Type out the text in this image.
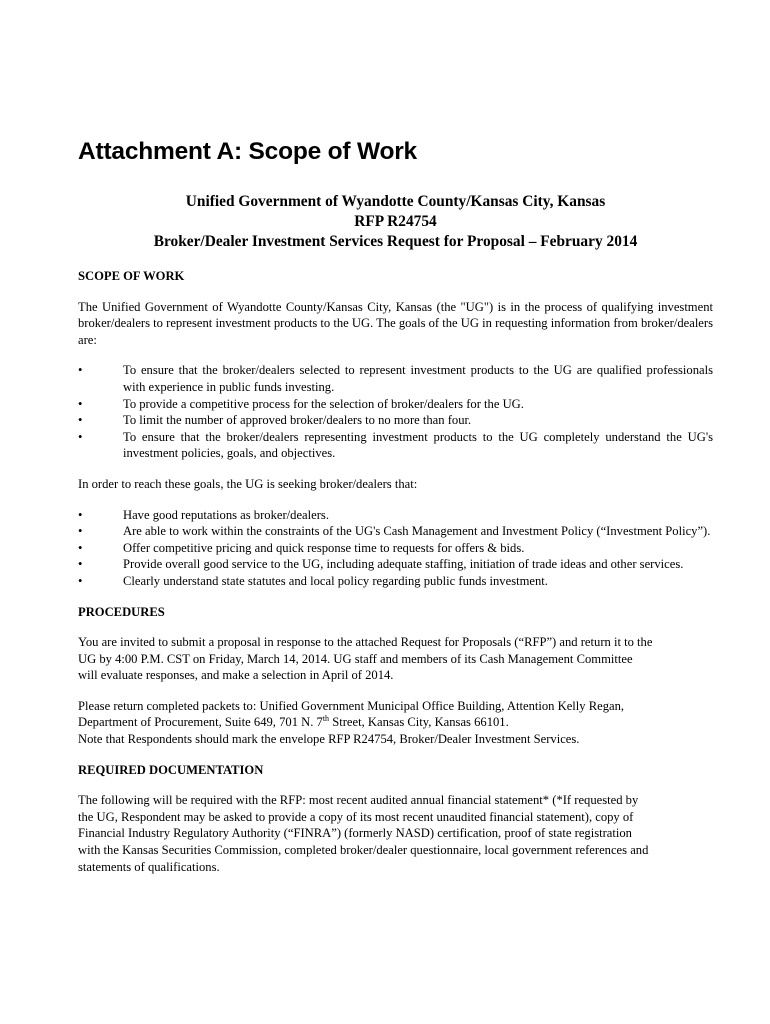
Attachment A: Scope of Work
Unified Government of Wyandotte County/Kansas City, Kansas
RFP R24754
Broker/Dealer Investment Services Request for Proposal – February 2014
SCOPE OF WORK

The Unified Government of Wyandotte County/Kansas City, Kansas (the "UG") is in the process of qualifying investment broker/dealers to represent investment products to the UG. The goals of the UG in requesting information from broker/dealers are:

•	To ensure that the broker/dealers selected to represent investment products to the UG are qualified professionals with experience in public funds investing.
•	To provide a competitive process for the selection of broker/dealers for the UG.
•	To limit the number of approved broker/dealers to no more than four.
•	To ensure that the broker/dealers representing investment products to the UG completely understand the UG's investment policies, goals, and objectives.

In order to reach these goals, the UG is seeking broker/dealers that:

•	Have good reputations as broker/dealers.
•	Are able to work within the constraints of the UG's Cash Management and Investment Policy (“Investment Policy”).
•	Offer competitive pricing and quick response time to requests for offers & bids.
•	Provide overall good service to the UG, including adequate staffing, initiation of trade ideas and other services.
•	Clearly understand state statutes and local policy regarding public funds investment.
PROCEDURES

You are invited to submit a proposal in response to the attached Request for Proposals (“RFP”) and return it to the
UG by 4:00 P.M. CST on Friday, March 14, 2014. UG staff and members of its Cash Management Committee
will evaluate responses, and make a selection in April of 2014.

Please return completed packets to: Unified Government Municipal Office Building, Attention Kelly Regan,
Department of Procurement, Suite 649, 701 N. 7th Street, Kansas City, Kansas 66101.
Note that Respondents should mark the envelope RFP R24754, Broker/Dealer Investment Services.

REQUIRED DOCUMENTATION

The following will be required with the RFP: most recent audited annual financial statement* (*If requested by
the UG, Respondent may be asked to provide a copy of its most recent unaudited financial statement), copy of
Financial Industry Regulatory Authority (“FINRA”) (formerly NASD) certification, proof of state registration
with the Kansas Securities Commission, completed broker/dealer questionnaire, local government references and
statements of qualifications.
